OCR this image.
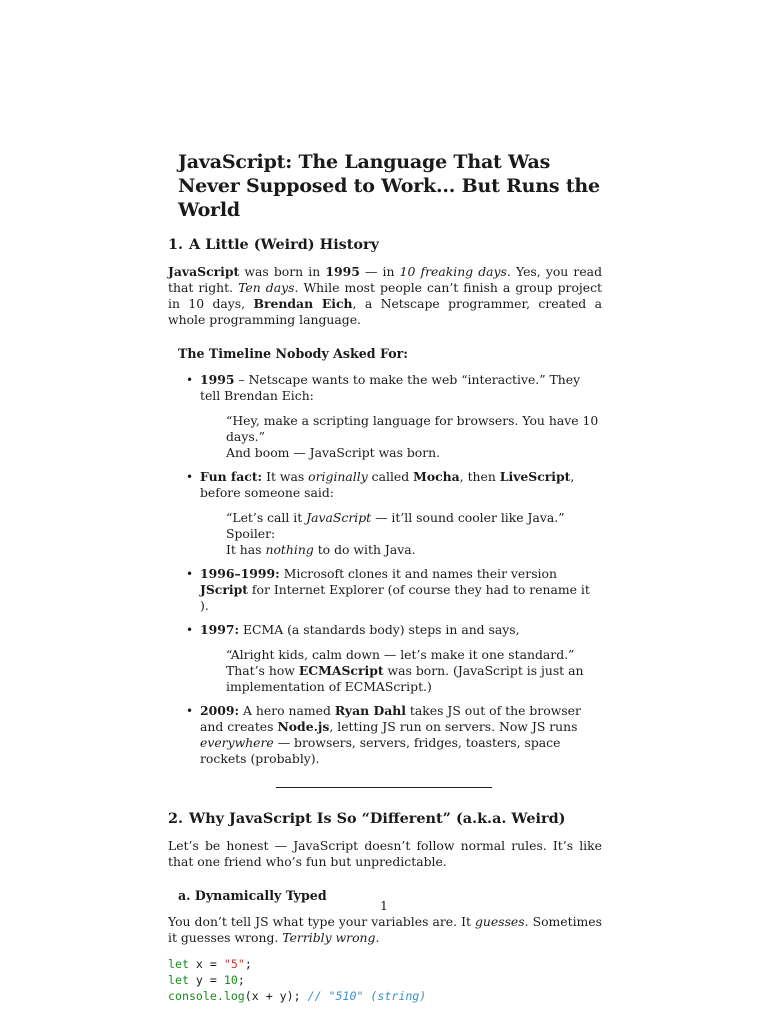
JavaScript: The Language That Was Never Supposed to Work... But Runs the World
1. A Little (Weird) History

JavaScript was born in 1995 — in 10 freaking days. Yes, you read that right. Ten days. While most people can’t finish a group project in 10 days, Brendan Eich, a Netscape programmer, created a whole programming language.

The Timeline Nobody Asked For:
• 1995 – Netscape wants to make the web “interactive.” They tell Brendan Eich:
“Hey, make a scripting language for browsers. You have 10 days.”
And boom — JavaScript was born.
• Fun fact: It was originally called Mocha, then LiveScript, before someone said:
“Let’s call it JavaScript — it’ll sound cooler like Java.” Spoiler:
It has nothing to do with Java.
• 1996–1999: Microsoft clones it and names their version JScript for Internet Explorer (of course they had to rename it ).
• 1997: ECMA (a standards body) steps in and says,
“Alright kids, calm down — let’s make it one standard.” That’s how ECMAScript was born. (JavaScript is just an implementation of ECMAScript.)
• 2009: A hero named Ryan Dahl takes JS out of the browser and creates Node.js, letting JS run on servers. Now JS runs everywhere — browsers, servers, fridges, toasters, space rockets (probably).
2. Why JavaScript Is So “Different” (a.k.a. Weird)

Let’s be honest — JavaScript doesn’t follow normal rules. It’s like that one friend who’s fun but unpredictable.

a. Dynamically Typed

You don’t tell JS what type your variables are. It guesses. Sometimes it guesses wrong. Terribly wrong.

let x = "5";
let y = 10;
console.log(x + y); // "510" (string)
1
